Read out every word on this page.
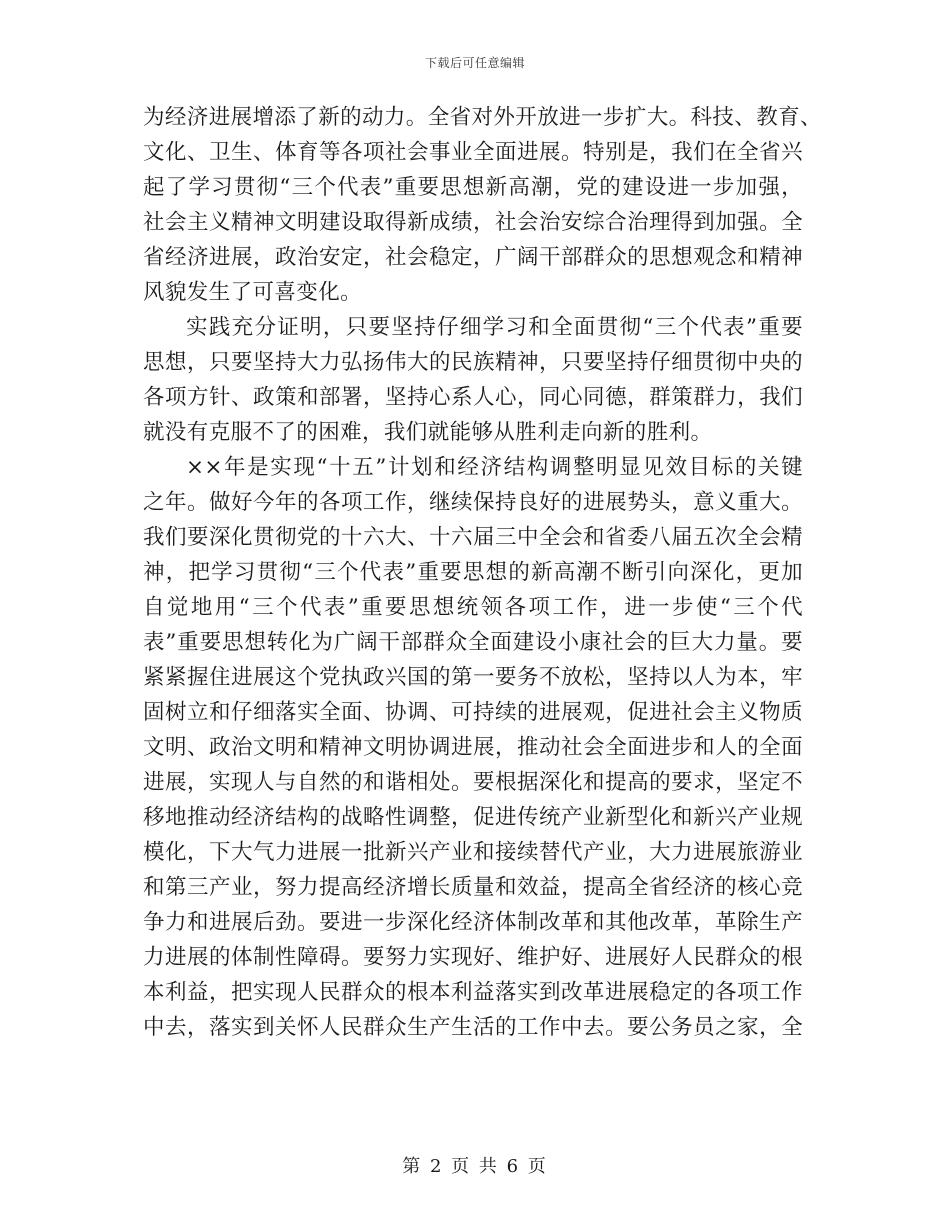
下载后可任意编辑
为经济进展增添了新的动力。全省对外开放进一步扩大。科技、教育、
文化、卫生、体育等各项社会事业全面进展。特别是，我们在全省兴
起了学习贯彻“三个代表”重要思想新高潮，党的建设进一步加强，
社会主义精神文明建设取得新成绩，社会治安综合治理得到加强。全
省经济进展，政治安定，社会稳定，广阔干部群众的思想观念和精神
风貌发生了可喜变化。
实践充分证明，只要坚持仔细学习和全面贯彻“三个代表”重要
思想，只要坚持大力弘扬伟大的民族精神，只要坚持仔细贯彻中央的
各项方针、政策和部署，坚持心系人心，同心同德，群策群力，我们
就没有克服不了的困难，我们就能够从胜利走向新的胜利。
××年是实现“十五”计划和经济结构调整明显见效目标的关键
之年。做好今年的各项工作，继续保持良好的进展势头，意义重大。
我们要深化贯彻党的十六大、十六届三中全会和省委八届五次全会精
神，把学习贯彻“三个代表”重要思想的新高潮不断引向深化，更加
自觉地用“三个代表”重要思想统领各项工作，进一步使“三个代
表”重要思想转化为广阔干部群众全面建设小康社会的巨大力量。要
紧紧握住进展这个党执政兴国的第一要务不放松，坚持以人为本，牢
固树立和仔细落实全面、协调、可持续的进展观，促进社会主义物质
文明、政治文明和精神文明协调进展，推动社会全面进步和人的全面
进展，实现人与自然的和谐相处。要根据深化和提高的要求，坚定不
移地推动经济结构的战略性调整，促进传统产业新型化和新兴产业规
模化，下大气力进展一批新兴产业和接续替代产业，大力进展旅游业
和第三产业，努力提高经济增长质量和效益，提高全省经济的核心竞
争力和进展后劲。要进一步深化经济体制改革和其他改革，革除生产
力进展的体制性障碍。要努力实现好、维护好、进展好人民群众的根
本利益，把实现人民群众的根本利益落实到改革进展稳定的各项工作
中去，落实到关怀人民群众生产生活的工作中去。要公务员之家，全
第 2 页 共 6 页
